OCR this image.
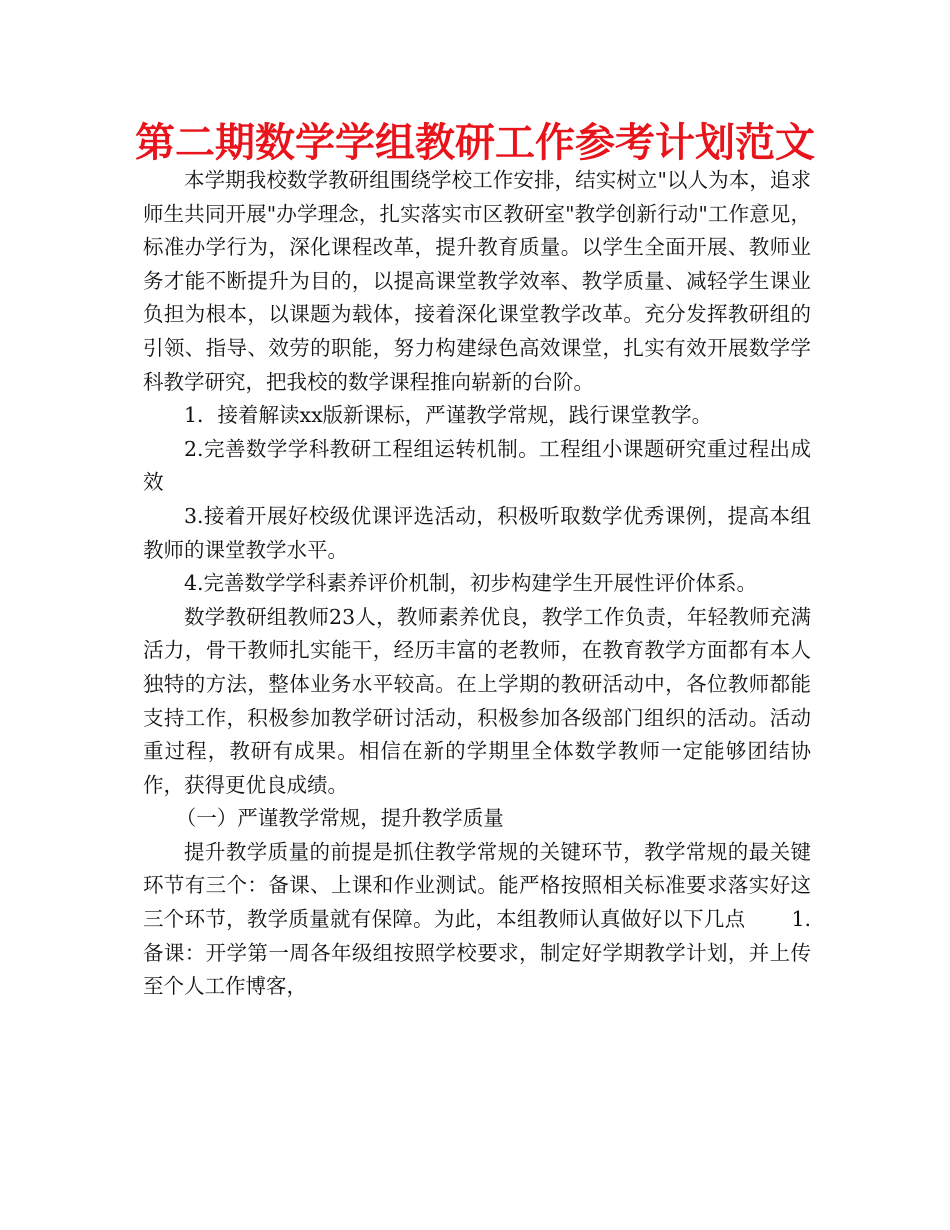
第二期数学学组教研工作参考计划范文

本学期我校数学教研组围绕学校工作安排，结实树立"以人为本，追求师生共同开展"办学理念，扎实落实市区教研室"教学创新行动"工作意见，标准办学行为，深化课程改革，提升教育质量。以学生全面开展、教师业务才能不断提升为目的，以提高课堂教学效率、教学质量、减轻学生课业负担为根本，以课题为载体，接着深化课堂教学改革。充分发挥教研组的引领、指导、效劳的职能，努力构建绿色高效课堂，扎实有效开展数学学科教学研究，把我校的数学课程推向崭新的台阶。

1．接着解读xx版新课标，严谨教学常规，践行课堂教学。

2.完善数学学科教研工程组运转机制。工程组小课题研究重过程出成效

3.接着开展好校级优课评选活动，积极听取数学优秀课例，提高本组教师的课堂教学水平。

4.完善数学学科素养评价机制，初步构建学生开展性评价体系。

数学教研组教师23人，教师素养优良，教学工作负责，年轻教师充满活力，骨干教师扎实能干，经历丰富的老教师，在教育教学方面都有本人独特的方法，整体业务水平较高。在上学期的教研活动中，各位教师都能支持工作，积极参加教学研讨活动，积极参加各级部门组织的活动。活动重过程，教研有成果。相信在新的学期里全体数学教师一定能够团结协作，获得更优良成绩。

（一）严谨教学常规，提升教学质量

提升教学质量的前提是抓住教学常规的关键环节，教学常规的最关键环节有三个：备课、上课和作业测试。能严格按照相关标准要求落实好这三个环节，教学质量就有保障。为此，本组教师认真做好以下几点 1.备课：开学第一周各年级组按照学校要求，制定好学期教学计划，并上传至个人工作博客，
